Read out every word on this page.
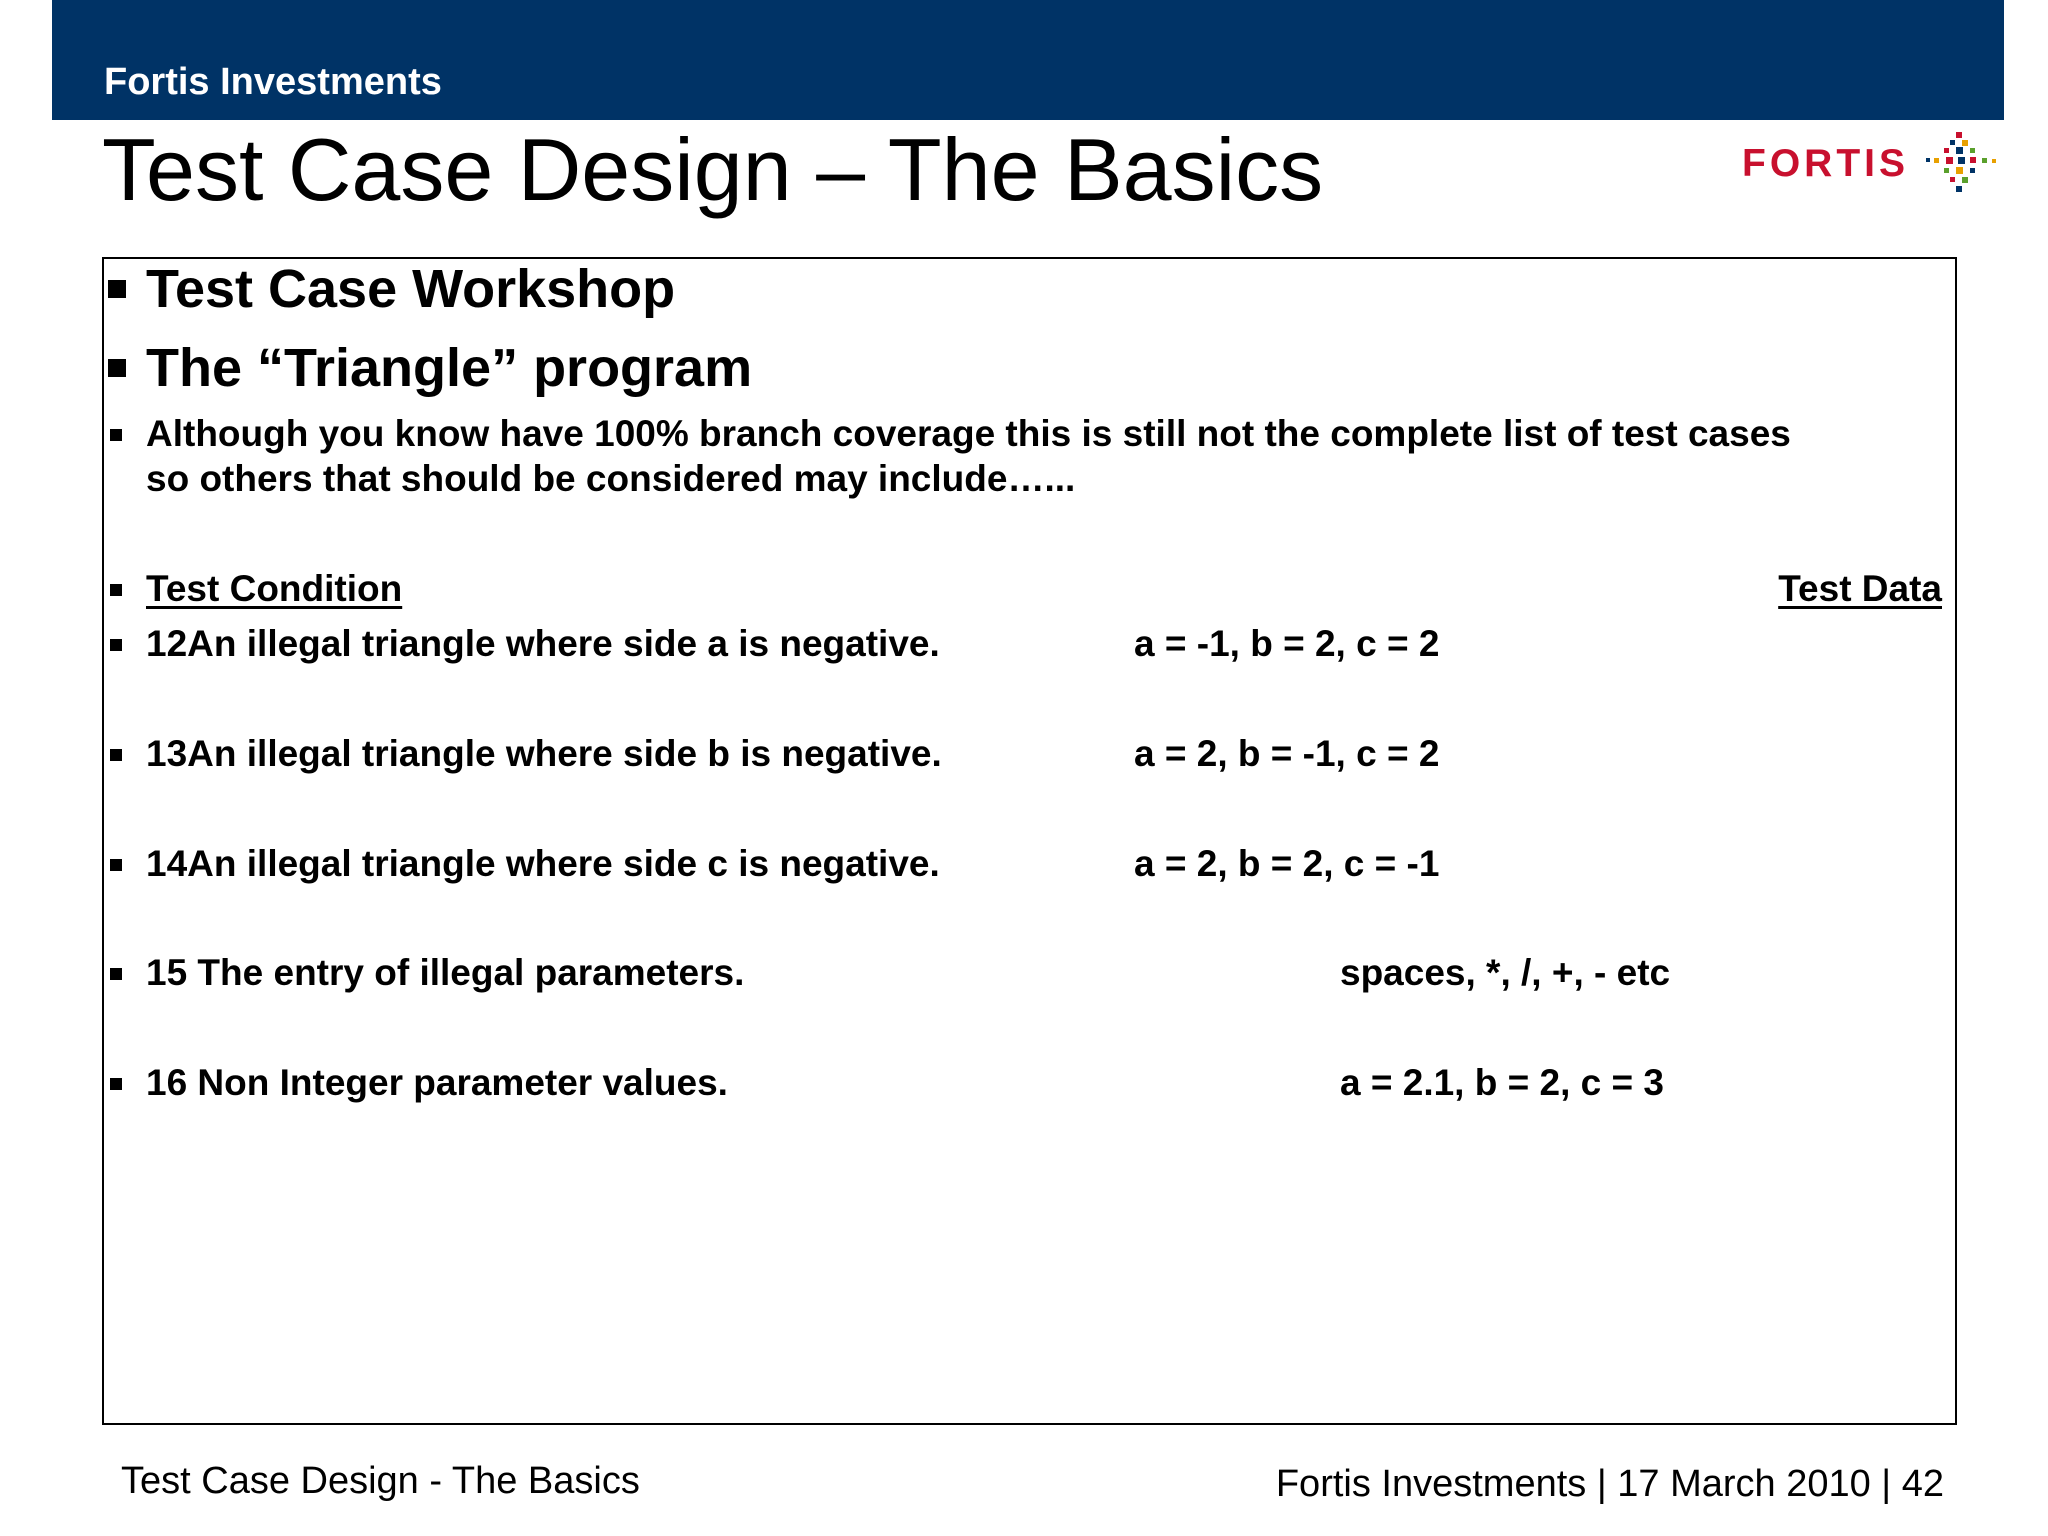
Fortis Investments
Test Case Design – The Basics	FORTIS
Test Case Workshop
The “Triangle” program
Although you know have 100% branch coverage this is still not the complete list of test cases
so others that should be considered may include…...
Test Condition	Test Data
12An illegal triangle where side a is negative.	a = -1, b = 2, c = 2
13An illegal triangle where side b is negative.	a = 2, b = -1, c = 2
14An illegal triangle where side c is negative.	a = 2, b = 2, c = -1
15 The entry of illegal parameters.	spaces, *, /, +, - etc
16 Non Integer parameter values.	a = 2.1, b = 2, c = 3
Test Case Design - The Basics	Fortis Investments | 17 March 2010 | 42
